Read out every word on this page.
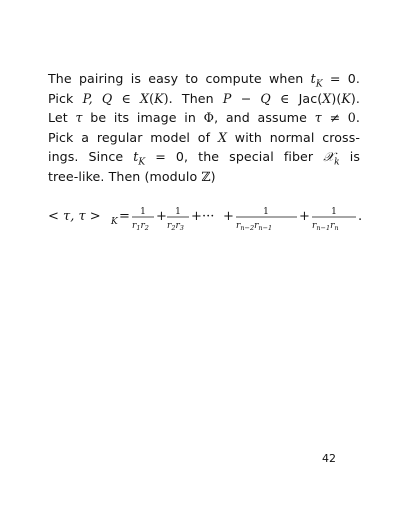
The pairing is easy to compute when $t_K = 0$.
Pick P, Q ∈ X(K). Then P − Q ∈ Jac(X)(K).
Let τ be its image in Φ, and assume τ ≠ 0.
Pick a regular model of X with normal cross-
ings. Since $t_K = 0$, the special fiber 𝒳$_k$ is
tree-like. Then (modulo ℤ)
< τ, τ > K = 1
$r_1r_2$
+ 1
$r_2r_3$
+ ··· +	1
$r_{n-2}r_{n-1}$
+ 1
$r_{n-1}r_n$
.
42
